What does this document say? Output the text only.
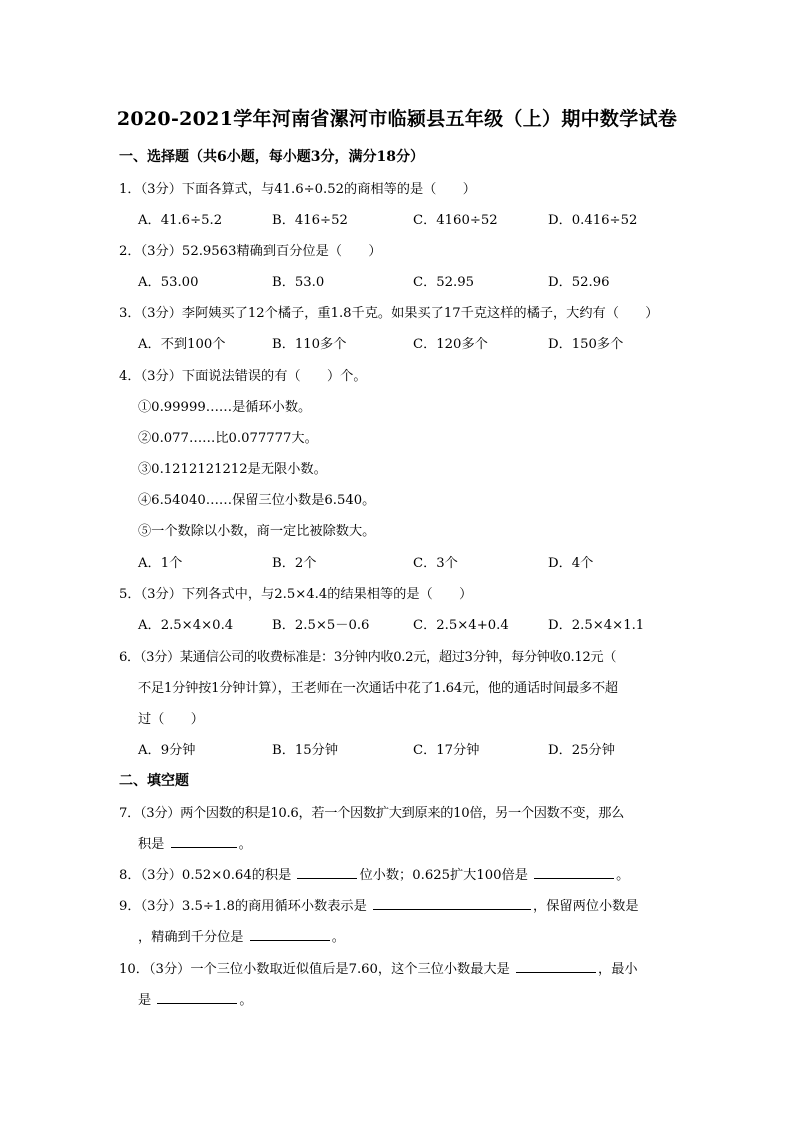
2020-2021学年河南省漯河市临颍县五年级（上）期中数学试卷
一、选择题（共6小题，每小题3分，满分18分）
1．（3分）下面各算式，与41.6÷0.52的商相等的是（　　）
A．41.6÷5.2	B．416÷52	C．4160÷52	D．0.416÷52
2．（3分）52.9563精确到百分位是（　　）
A．53.00	B．53.0	C．52.95	D．52.96
3．（3分）李阿姨买了12个橘子，重1.8千克。如果买了17千克这样的橘子，大约有（　　）
A．不到100个	B．110多个	C．120多个	D．150多个
4．（3分）下面说法错误的有（　　）个。
①0.99999……是循环小数。
②0.077……比0.077777大。
③0.1212121212是无限小数。
④6.54040……保留三位小数是6.540。
⑤一个数除以小数，商一定比被除数大。
A．1个	B．2个	C．3个	D．4个
5．（3分）下列各式中，与2.5×4.4的结果相等的是（　　）
A．2.5×4×0.4	B．2.5×5－0.6	C．2.5×4+0.4	D．2.5×4×1.1
6．（3分）某通信公司的收费标准是：3分钟内收0.2元，超过3分钟，每分钟收0.12元（
不足1分钟按1分钟计算），王老师在一次通话中花了1.64元，他的通话时间最多不超
过（　　）
A．9分钟	B．15分钟	C．17分钟	D．25分钟
二、填空题
7．（3分）两个因数的积是10.6，若一个因数扩大到原来的10倍，另一个因数不变，那么
积是	。
8．（3分）0.52×0.64的积是	位小数；0.625扩大100倍是	。
9．（3分）3.5÷1.8的商用循环小数表示是	，保留两位小数是
，精确到千分位是	。
10．（3分）一个三位小数取近似值后是7.60，这个三位小数最大是	，最小
是	。
